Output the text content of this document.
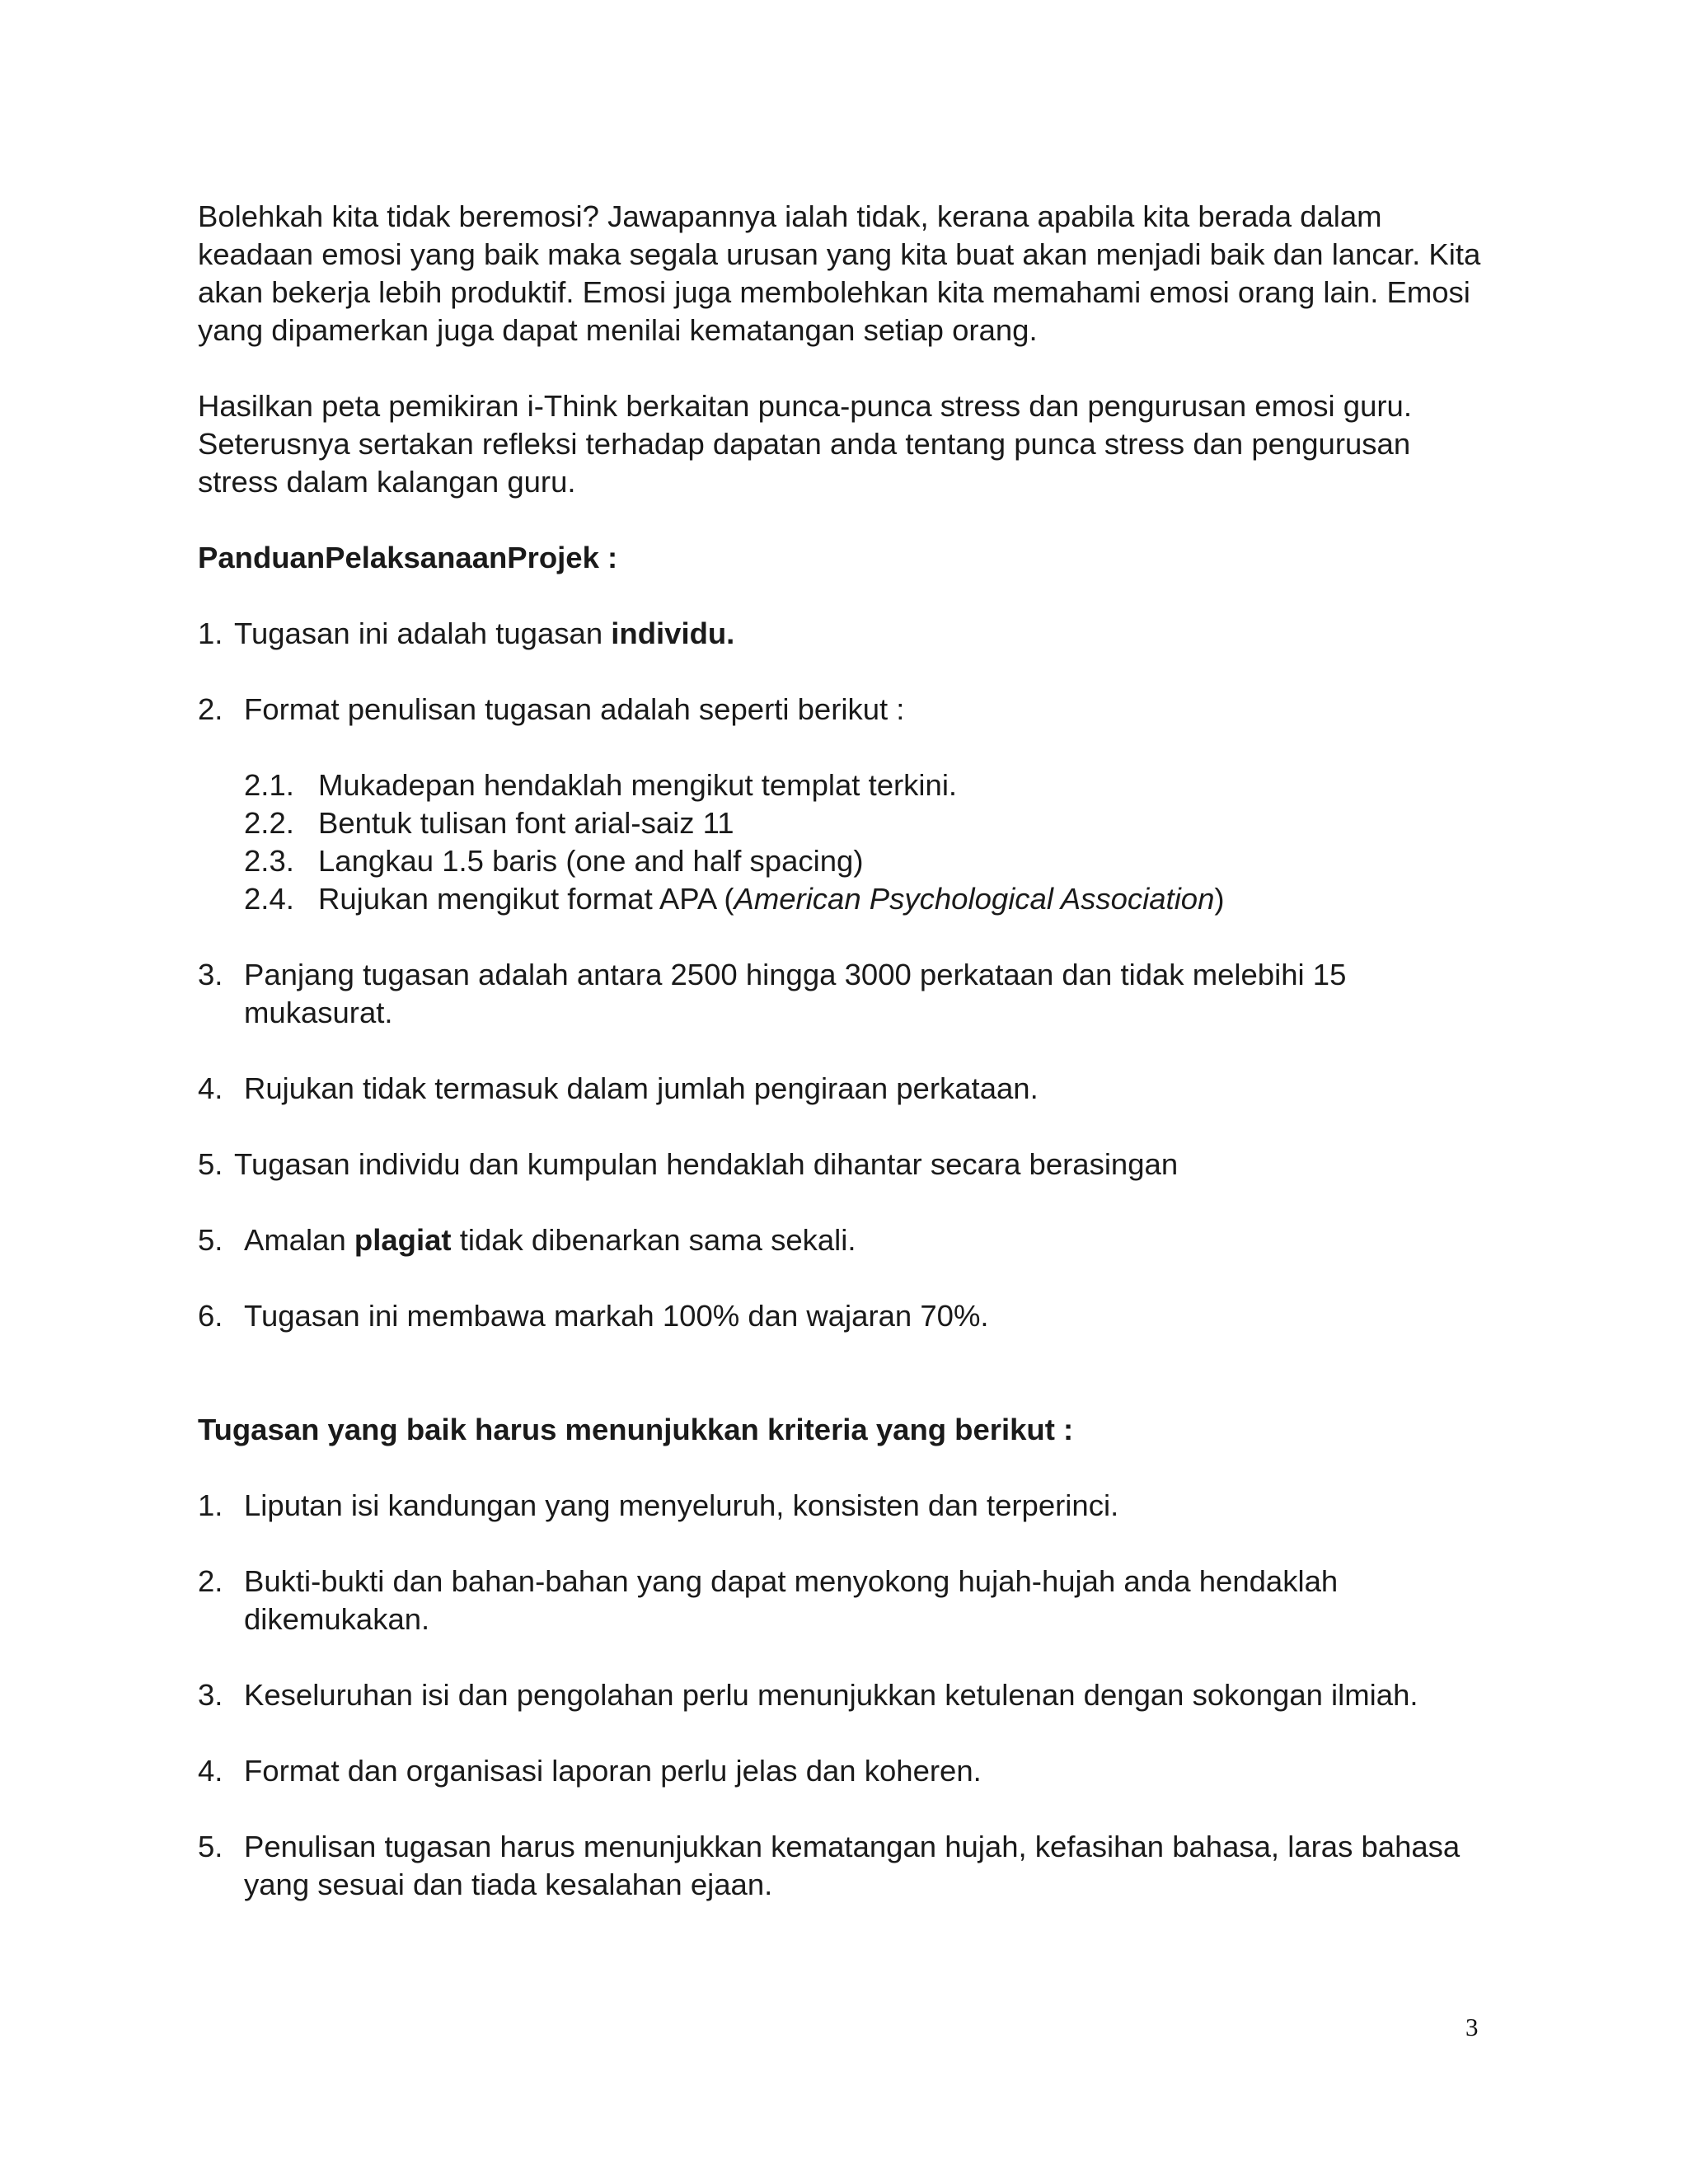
Bolehkah kita tidak beremosi? Jawapannya ialah tidak, kerana apabila kita berada dalam keadaan emosi yang baik maka segala urusan yang kita buat akan menjadi baik dan lancar. Kita akan bekerja lebih produktif. Emosi juga membolehkan kita memahami emosi orang lain. Emosi yang dipamerkan juga dapat menilai kematangan setiap orang.

Hasilkan peta pemikiran i-Think berkaitan punca-punca stress dan pengurusan emosi guru. Seterusnya sertakan refleksi terhadap dapatan anda tentang punca stress dan pengurusan stress dalam kalangan guru.

PanduanPelaksanaanProjek :

1. Tugasan ini adalah tugasan individu.
2. Format penulisan tugasan adalah seperti berikut :
2.1. Mukadepan hendaklah mengikut templat terkini.
2.2. Bentuk tulisan font arial-saiz 11
2.3. Langkau 1.5 baris (one and half spacing)
2.4. Rujukan mengikut format APA (American Psychological Association)
3. Panjang tugasan adalah antara 2500 hingga 3000 perkataan dan tidak melebihi 15 mukasurat.
4. Rujukan tidak termasuk dalam jumlah pengiraan perkataan.
5. Tugasan individu dan kumpulan hendaklah dihantar secara berasingan
5. Amalan plagiat tidak dibenarkan sama sekali.
6. Tugasan ini membawa markah 100% dan wajaran 70%.

Tugasan yang baik harus menunjukkan kriteria yang berikut :

1. Liputan isi kandungan yang menyeluruh, konsisten dan terperinci.
2. Bukti-bukti dan bahan-bahan yang dapat menyokong hujah-hujah anda hendaklah dikemukakan.
3. Keseluruhan isi dan pengolahan perlu menunjukkan ketulenan dengan sokongan ilmiah.
4. Format dan organisasi laporan perlu jelas dan koheren.
5. Penulisan tugasan harus menunjukkan kematangan hujah, kefasihan bahasa, laras bahasa yang sesuai dan tiada kesalahan ejaan.
3
